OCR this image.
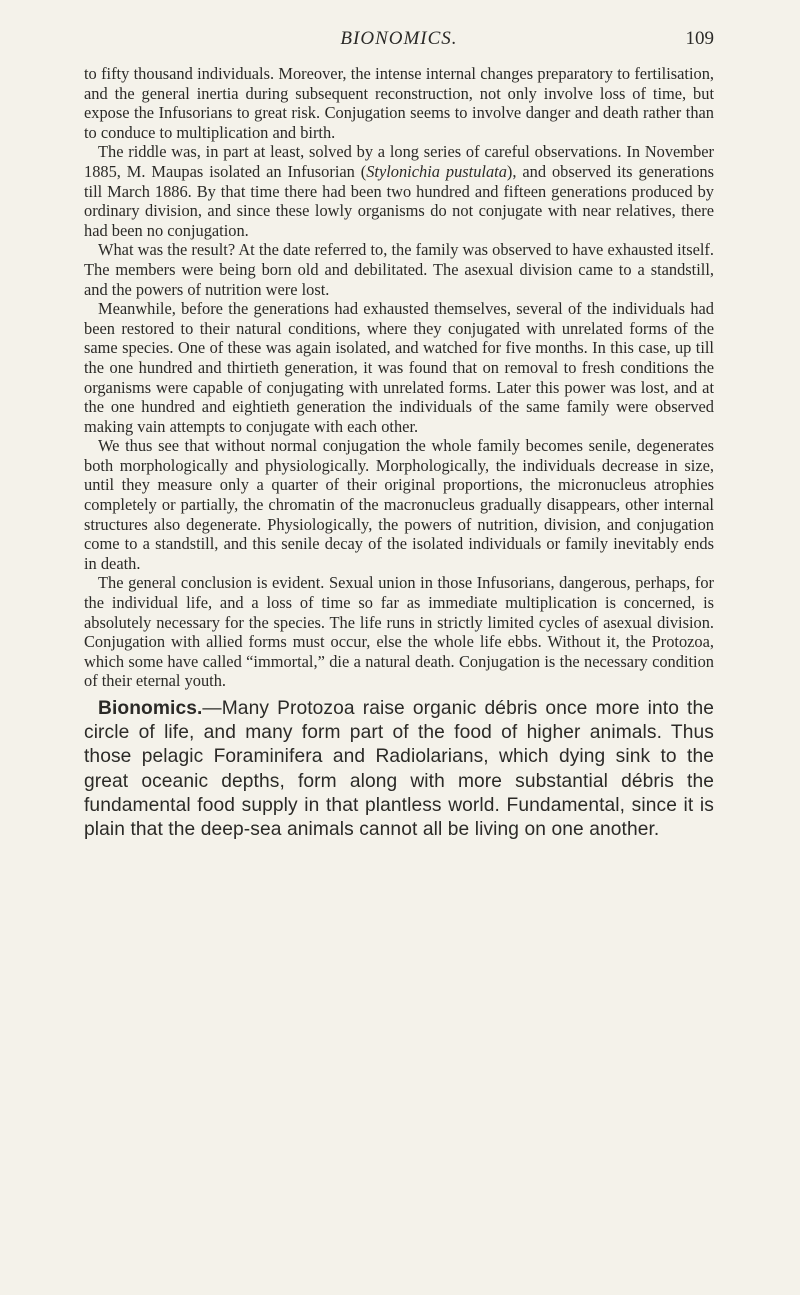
BIONOMICS.	109

to fifty thousand individuals. Moreover, the intense internal changes preparatory to fertilisation, and the general inertia during subsequent reconstruction, not only involve loss of time, but expose the Infusorians to great risk. Conjugation seems to involve danger and death rather than to conduce to multiplication and birth.

The riddle was, in part at least, solved by a long series of careful observations. In November 1885, M. Maupas isolated an Infusorian (Stylonichia pustulata), and observed its generations till March 1886. By that time there had been two hundred and fifteen generations produced by ordinary division, and since these lowly organisms do not conjugate with near relatives, there had been no conjugation.

What was the result? At the date referred to, the family was observed to have exhausted itself. The members were being born old and debilitated. The asexual division came to a standstill, and the powers of nutrition were lost.

Meanwhile, before the generations had exhausted themselves, several of the individuals had been restored to their natural conditions, where they conjugated with unrelated forms of the same species. One of these was again isolated, and watched for five months. In this case, up till the one hundred and thirtieth generation, it was found that on removal to fresh conditions the organisms were capable of conjugating with unrelated forms. Later this power was lost, and at the one hundred and eightieth generation the individuals of the same family were observed making vain attempts to conjugate with each other.

We thus see that without normal conjugation the whole family becomes senile, degenerates both morphologically and physiologically. Morphologically, the individuals decrease in size, until they measure only a quarter of their original proportions, the micronucleus atrophies completely or partially, the chromatin of the macronucleus gradually disappears, other internal structures also degenerate. Physiologically, the powers of nutrition, division, and conjugation come to a standstill, and this senile decay of the isolated individuals or family inevitably ends in death.

The general conclusion is evident. Sexual union in those Infusorians, dangerous, perhaps, for the individual life, and a loss of time so far as immediate multiplication is concerned, is absolutely necessary for the species. The life runs in strictly limited cycles of asexual division. Conjugation with allied forms must occur, else the whole life ebbs. Without it, the Protozoa, which some have called “immortal,” die a natural death. Conjugation is the necessary condition of their eternal youth.

Bionomics.—Many Protozoa raise organic débris once more into the circle of life, and many form part of the food of higher animals. Thus those pelagic Foraminifera and Radiolarians, which dying sink to the great oceanic depths, form along with more substantial débris the fundamental food supply in that plantless world. Fundamental, since it is plain that the deep-sea animals cannot all be living on one another.
